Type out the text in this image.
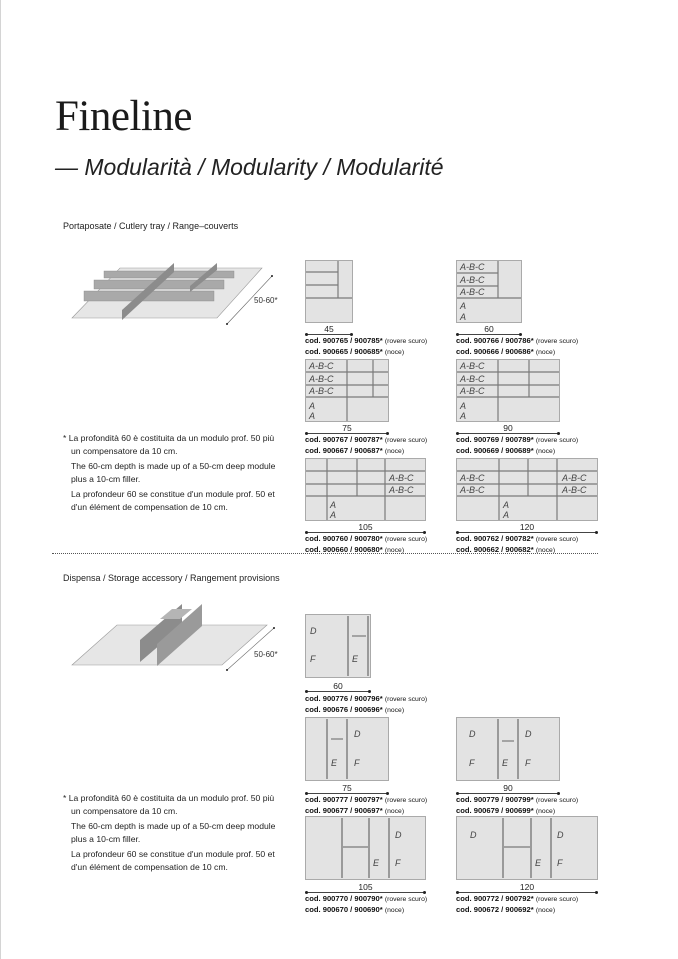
Fineline
— Modularità / Modularity / Modularité
Portaposate / Cutlery tray / Range–couverts
50-60*

* La profondità 60 è costituita da un modulo prof. 50 più un compensatore da 10 cm.

The 60-cm depth is made up of a 50-cm deep module plus a 10-cm filler.

La profondeur 60 se constitue d'un module prof. 50 et d'un élément de compensation de 10 cm.

45
cod. 900765 / 900785* (rovere scuro)
cod. 900665 / 900685* (noce)
A-B-C
A-B-C
A-B-C
A
A
60
cod. 900766 / 900786* (rovere scuro)
cod. 900666 / 900686* (noce)
A-B-C
A-B-C
A-B-C
A
A
75
cod. 900767 / 900787* (rovere scuro)
cod. 900667 / 900687* (noce)
A-B-C
A-B-C
A-B-C
A
A
90
cod. 900769 / 900789* (rovere scuro)
cod. 900669 / 900689* (noce)
A-B-C
A-B-C
A
A
105
cod. 900760 / 900780* (rovere scuro)
cod. 900660 / 900680* (noce)
A-B-C
A-B-C
A-B-C
A-B-C
A
A
120
cod. 900762 / 900782* (rovere scuro)
cod. 900662 / 900682* (noce)
Dispensa / Storage accessory / Rangement provisions
50-60*

* La profondità 60 è costituita da un modulo prof. 50 più un compensatore da 10 cm.

The 60-cm depth is made up of a 50-cm deep module plus a 10-cm filler.

La profondeur 60 se constitue d'un module prof. 50 et d'un élément de compensation de 10 cm.

D
F	E
60
cod. 900776 / 900796* (rovere scuro)
cod. 900676 / 900696* (noce)
E
D
F
75
cod. 900777 / 900797* (rovere scuro)
cod. 900677 / 900697* (noce)
D
F	E
D
F
90
cod. 900779 / 900799* (rovere scuro)
cod. 900679 / 900699* (noce)
E
D
F
105
cod. 900770 / 900790* (rovere scuro)
cod. 900670 / 900690* (noce)
D
E
D
F
120
cod. 900772 / 900792* (rovere scuro)
cod. 900672 / 900692* (noce)
